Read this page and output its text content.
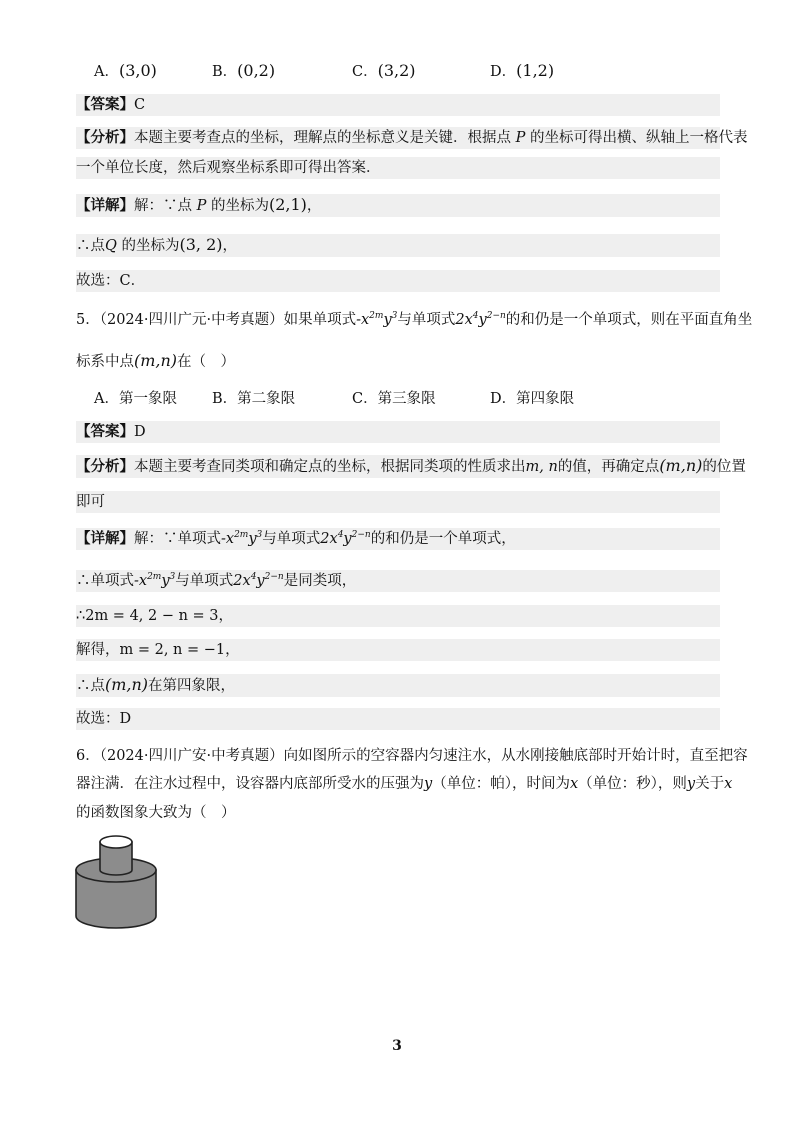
A．(3,0)	B．(0,2)	C．(3,2)	D．(1,2)
【答案】C
【分析】本题主要考查点的坐标，理解点的坐标意义是关键．根据点 P 的坐标可得出横、纵轴上一格代表
一个单位长度，然后观察坐标系即可得出答案．
【详解】解：∵点 P 的坐标为(2,1)，
∴点Q 的坐标为(3, 2)，
故选：C．
5．（2024·四川广元·中考真题）如果单项式$-x^{2m}y^3$与单项式$2x^4y^{2-n}$的和仍是一个单项式，则在平面直角坐
标系中点(m,n)在（　）
A．第一象限 B．第二象限	C．第三象限	D．第四象限
【答案】D
【分析】本题主要考查同类项和确定点的坐标，根据同类项的性质求出m, n的值，再确定点(m,n)的位置
即可
【详解】解：∵单项式$-x^{2m}y^3$与单项式$2x^4y^{2-n}$的和仍是一个单项式，
∴单项式$-x^{2m}y^3$与单项式$2x^4y^{2-n}$是同类项，
∴2m = 4, 2 − n = 3，
解得，m = 2, n = −1，
∴点(m,n)在第四象限，
故选：D
6．（2024·四川广安·中考真题）向如图所示的空容器内匀速注水，从水刚接触底部时开始计时，直至把容
器注满．在注水过程中，设容器内底部所受水的压强为y（单位：帕），时间为x（单位：秒），则y关于x
的函数图象大致为（　）
3
